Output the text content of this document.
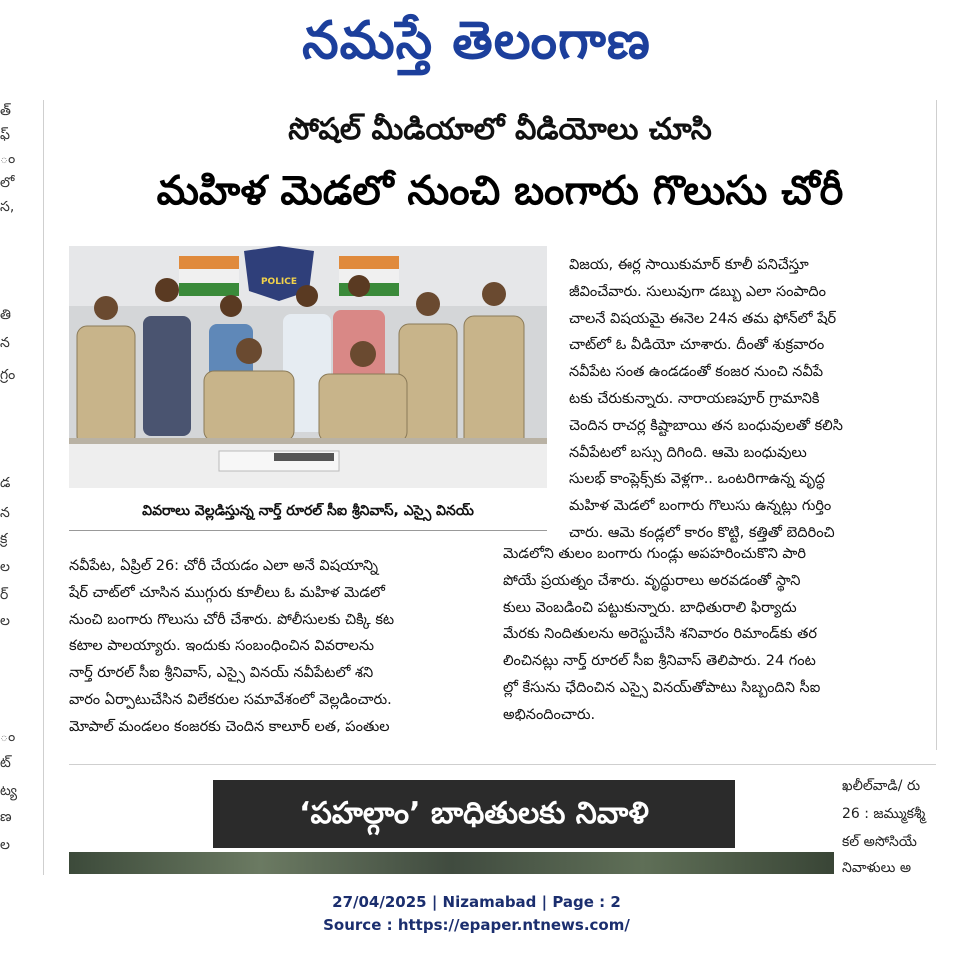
నమస్తే తెలంగాణ
త్
ఫ్
ం
లో
స,
తి
న
గ్రం
డ
న
క్ర
ల
ర్
ల
ం
ట్
ట్య
ణ
ల
సోషల్ మీడియాలో వీడియోలు చూసి
మహిళ మెడలో నుంచి బంగారు గొలుసు చోరీ
POLICE
వివరాలు వెల్లడిస్తున్న నార్త్ రూరల్ సీఐ శ్రీనివాస్, ఎస్సై వినయ్

విజయ, ఈర్ల సాయికుమార్ కూలీ పనిచేస్తూ

జీవించేవారు. సులువుగా డబ్బు ఎలా సంపాదిం

చాలనే విషయమై ఈనెల 24న తమ ఫోన్‌లో షేర్

చాట్‌లో ఓ వీడియో చూశారు. దీంతో శుక్రవారం

నవీపేట సంత ఉండడంతో కంజర నుంచి నవీపే

టకు చేరుకున్నారు. నారాయణపూర్ గ్రామానికి

చెందిన రాచర్ల కిష్టాబాయి తన బంధువులతో కలిసి

నవీపేటలో బస్సు దిగింది. ఆమె బంధువులు

సులభ్ కాంప్లెక్స్‌కు వెళ్లగా.. ఒంటరిగాఉన్న వృద్ధ

మహిళ మెడలో బంగారు గొలుసు ఉన్నట్లు గుర్తిం

చారు. ఆమె కండ్లలో కారం కొట్టి, కత్తితో బెదిరించి

నవీపేట, ఏప్రిల్ 26: చోరీ చేయడం ఎలా అనే విషయాన్ని

షేర్ చాట్‌లో చూసిన ముగ్గురు కూలీలు ఓ మహిళ మెడలో

నుంచి బంగారు గొలుసు చోరీ చేశారు. పోలీసులకు చిక్కి కట

కటాల పాలయ్యారు. ఇందుకు సంబంధించిన వివరాలను

నార్త్ రూరల్ సీఐ శ్రీనివాస్, ఎస్సై వినయ్ నవీపేటలో శని

వారం ఏర్పాటుచేసిన విలేకరుల సమావేశంలో వెల్లడించారు.

మోపాల్ మండలం కంజరకు చెందిన కాలూర్ లత, పంతుల

మెడలోని తులం బంగారు గుండ్లు అపహరించుకొని పారి

పోయే ప్రయత్నం చేశారు. వృద్ధురాలు అరవడంతో స్థాని

కులు వెంబడించి పట్టుకున్నారు. బాధితురాలి ఫిర్యాదు

మేరకు నిందితులను అరెస్టుచేసి శనివారం రిమాండ్‌కు తర

లించినట్లు నార్త్ రూరల్ సీఐ శ్రీనివాస్ తెలిపారు. 24 గంట

ల్లో కేసును ఛేదించిన ఎస్సై వినయ్‌తోపాటు సిబ్బందిని సీఐ

అభినందించారు.

‘పహల్గాం’ బాధితులకు నివాళి
ఖలీల్‌వాడి/ రు
26 : జమ్ముకశ్మీ
కల్ అసోసియే
నివాళులు అ
27/04/2025 | Nizamabad | Page : 2
Source : https://epaper.ntnews.com/
